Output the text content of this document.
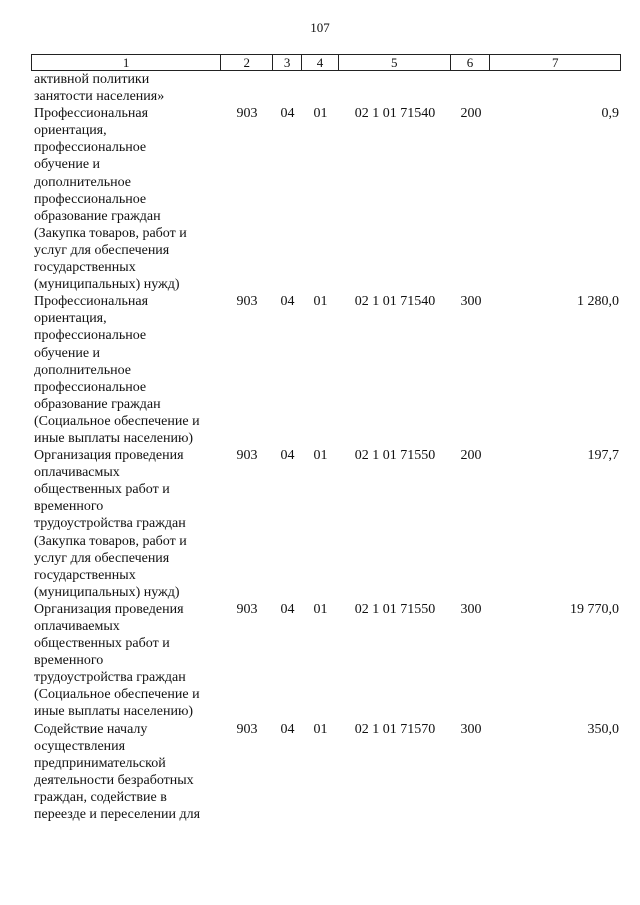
107
1	2	3	4	5	6	7
активной политики
занятости населения»
Профессиональная
ориентация,
профессиональное
обучение и
дополнительное
профессиональное
образование граждан
(Закупка товаров, работ и
услуг для обеспечения
государственных
(муниципальных) нужд)
903	04	01	02 1 01 71540	200	0,9
Профессиональная
ориентация,
профессиональное
обучение и
дополнительное
профессиональное
образование граждан
(Социальное обеспечение и
иные выплаты населению)
903	04	01	02 1 01 71540	300	1 280,0
Организация проведения
оплачивасмых
общественных работ и
временного
трудоустройства граждан
(Закупка товаров, работ и
услуг для обеспечения
государственных
(муниципальных) нужд)
903	04	01	02 1 01 71550	200	197,7
Организация проведения
оплачиваемых
общественных работ и
временного
трудоустройства граждан
(Социальное обеспечение и
иные выплаты населению)
903	04	01	02 1 01 71550	300	19 770,0
Содействие началу
осуществления
предпринимательской
деятельности безработных
граждан, содействие в
переезде и переселении для
903	04	01	02 1 01 71570	300	350,0
